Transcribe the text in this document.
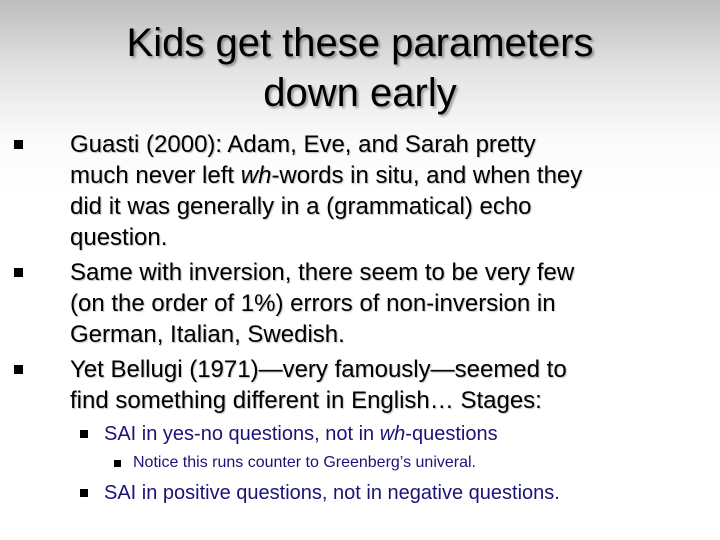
Kids get these parameters
down early
Guasti (2000): Adam, Eve, and Sarah pretty
much never left wh-words in situ, and when they
did it was generally in a (grammatical) echo
question.
Same with inversion, there seem to be very few
(on the order of 1%) errors of non-inversion in
German, Italian, Swedish.
Yet Bellugi (1971)—very famously—seemed to
find something different in English… Stages:
SAI in yes-no questions, not in wh-questions
Notice this runs counter to Greenberg’s univeral.
SAI in positive questions, not in negative questions.
